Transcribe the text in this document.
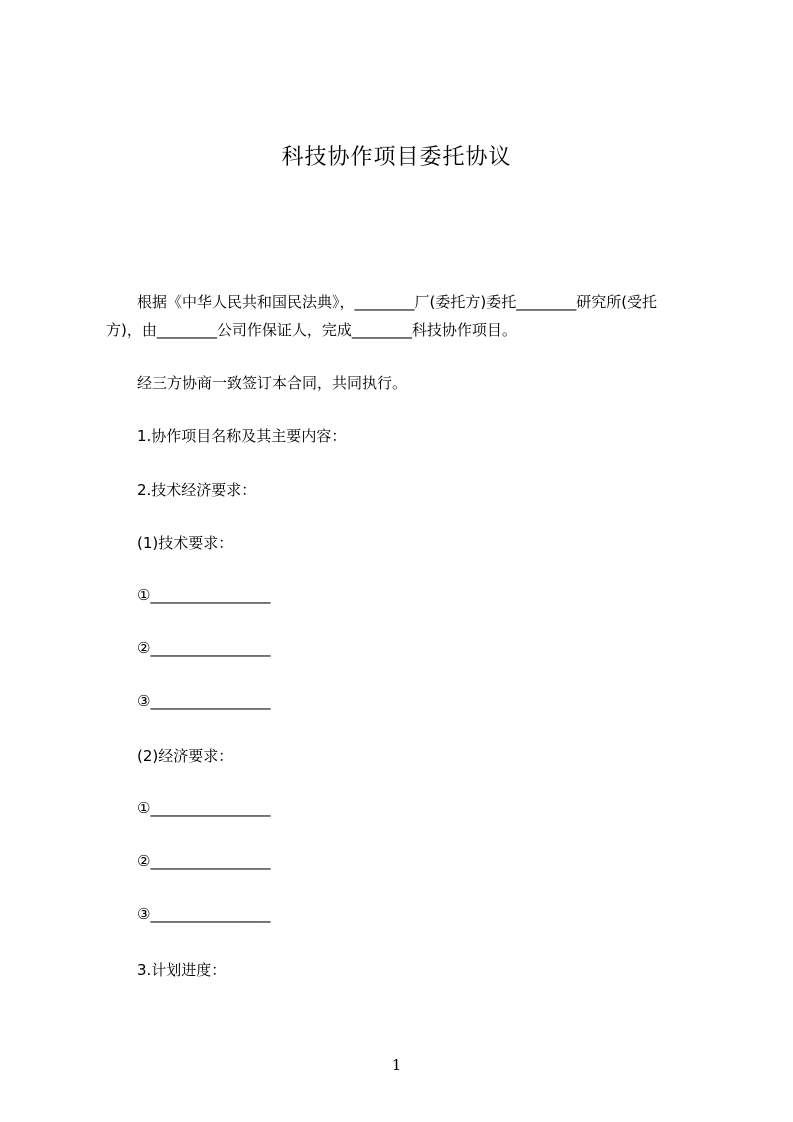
科技协作项目委托协议
根据《中华人民共和国民法典》，________厂(委托方)委托________研究所(受托
方)，由________公司作保证人，完成________科技协作项目。
经三方协商一致签订本合同，共同执行。
1.协作项目名称及其主要内容：
2.技术经济要求：
(1)技术要求：
①________________
②________________
③________________
(2)经济要求：
①________________
②________________
③________________
3.计划进度：
1
